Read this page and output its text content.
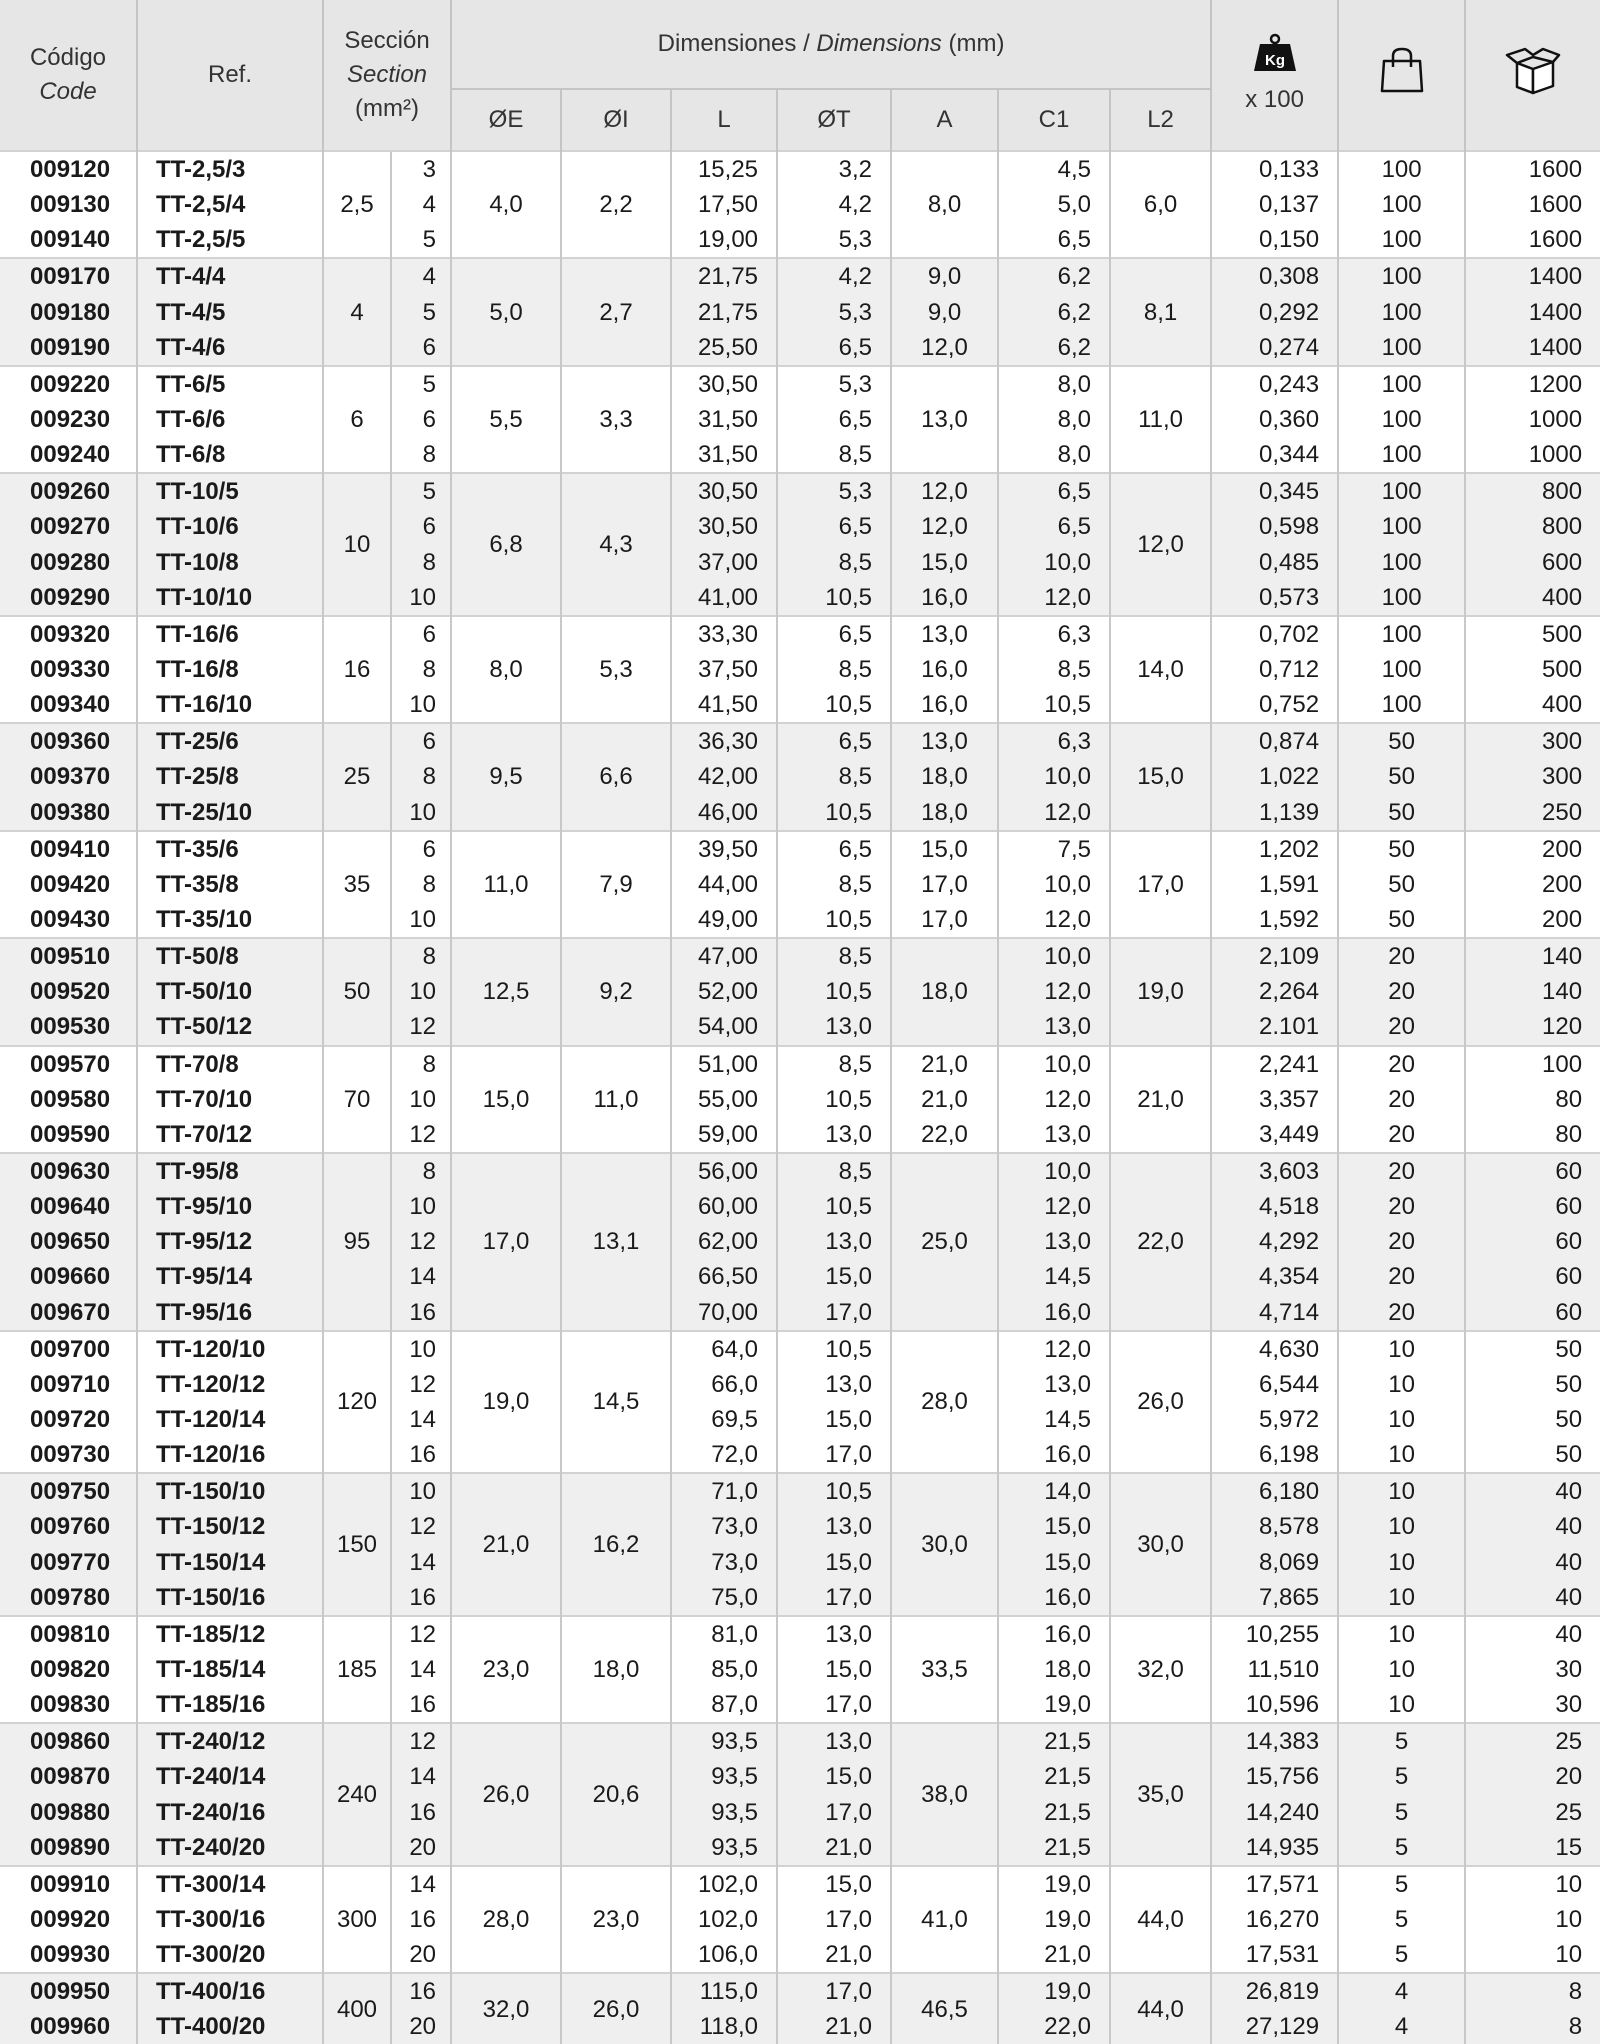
Código
Code	Ref.	Sección
Section
(mm²)		Dimensiones / Dimensions (mm)							Kg
x 100

				ØE	ØI	L	ØT	A	C1	L2			
009120	TT-2,5/3	2,5	3	4,0	2,2	15,25	3,2	8,0	4,5	6,0	0,133	100	1600
009130	TT-2,5/4		4			17,50	4,2		5,0		0,137	100	1600
009140	TT-2,5/5		5			19,00	5,3		6,5		0,150	100	1600
009170	TT-4/4	4	4	5,0	2,7	21,75	4,2	9,0	6,2	8,1	0,308	100	1400
009180	TT-4/5		5			21,75	5,3	9,0	6,2		0,292	100	1400
009190	TT-4/6		6			25,50	6,5	12,0	6,2		0,274	100	1400
009220	TT-6/5	6	5	5,5	3,3	30,50	5,3	13,0	8,0	11,0	0,243	100	1200
009230	TT-6/6		6			31,50	6,5		8,0		0,360	100	1000
009240	TT-6/8		8			31,50	8,5		8,0		0,344	100	1000
009260	TT-10/5	10	5	6,8	4,3	30,50	5,3	12,0	6,5	12,0	0,345	100	800
009270	TT-10/6		6			30,50	6,5	12,0	6,5		0,598	100	800
009280	TT-10/8		8			37,00	8,5	15,0	10,0		0,485	100	600
009290	TT-10/10		10			41,00	10,5	16,0	12,0		0,573	100	400
009320	TT-16/6	16	6	8,0	5,3	33,30	6,5	13,0	6,3	14,0	0,702	100	500
009330	TT-16/8		8			37,50	8,5	16,0	8,5		0,712	100	500
009340	TT-16/10		10			41,50	10,5	16,0	10,5		0,752	100	400
009360	TT-25/6	25	6	9,5	6,6	36,30	6,5	13,0	6,3	15,0	0,874	50	300
009370	TT-25/8		8			42,00	8,5	18,0	10,0		1,022	50	300
009380	TT-25/10		10			46,00	10,5	18,0	12,0		1,139	50	250
009410	TT-35/6	35	6	11,0	7,9	39,50	6,5	15,0	7,5	17,0	1,202	50	200
009420	TT-35/8		8			44,00	8,5	17,0	10,0		1,591	50	200
009430	TT-35/10		10			49,00	10,5	17,0	12,0		1,592	50	200
009510	TT-50/8	50	8	12,5	9,2	47,00	8,5	18,0	10,0	19,0	2,109	20	140
009520	TT-50/10		10			52,00	10,5		12,0		2,264	20	140
009530	TT-50/12		12			54,00	13,0		13,0		2.101	20	120
009570	TT-70/8	70	8	15,0	11,0	51,00	8,5	21,0	10,0	21,0	2,241	20	100
009580	TT-70/10		10			55,00	10,5	21,0	12,0		3,357	20	80
009590	TT-70/12		12			59,00	13,0	22,0	13,0		3,449	20	80
009630	TT-95/8	95	8	17,0	13,1	56,00	8,5	25,0	10,0	22,0	3,603	20	60
009640	TT-95/10		10			60,00	10,5		12,0		4,518	20	60
009650	TT-95/12		12			62,00	13,0		13,0		4,292	20	60
009660	TT-95/14		14			66,50	15,0		14,5		4,354	20	60
009670	TT-95/16		16			70,00	17,0		16,0		4,714	20	60
009700	TT-120/10	120	10	19,0	14,5	64,0	10,5	28,0	12,0	26,0	4,630	10	50
009710	TT-120/12		12			66,0	13,0		13,0		6,544	10	50
009720	TT-120/14		14			69,5	15,0		14,5		5,972	10	50
009730	TT-120/16		16			72,0	17,0		16,0		6,198	10	50
009750	TT-150/10	150	10	21,0	16,2	71,0	10,5	30,0	14,0	30,0	6,180	10	40
009760	TT-150/12		12			73,0	13,0		15,0		8,578	10	40
009770	TT-150/14		14			73,0	15,0		15,0		8,069	10	40
009780	TT-150/16		16			75,0	17,0		16,0		7,865	10	40
009810	TT-185/12	185	12	23,0	18,0	81,0	13,0	33,5	16,0	32,0	10,255	10	40
009820	TT-185/14		14			85,0	15,0		18,0		11,510	10	30
009830	TT-185/16		16			87,0	17,0		19,0		10,596	10	30
009860	TT-240/12	240	12	26,0	20,6	93,5	13,0	38,0	21,5	35,0	14,383	5	25
009870	TT-240/14		14			93,5	15,0		21,5		15,756	5	20
009880	TT-240/16		16			93,5	17,0		21,5		14,240	5	25
009890	TT-240/20		20			93,5	21,0		21,5		14,935	5	15
009910	TT-300/14	300	14	28,0	23,0	102,0	15,0	41,0	19,0	44,0	17,571	5	10
009920	TT-300/16		16			102,0	17,0		19,0		16,270	5	10
009930	TT-300/20		20			106,0	21,0		21,0		17,531	5	10
009950	TT-400/16	400	16	32,0	26,0	115,0	17,0	46,5	19,0	44,0	26,819	4	8
009960	TT-400/20		20			118,0	21,0		22,0		27,129	4	8
